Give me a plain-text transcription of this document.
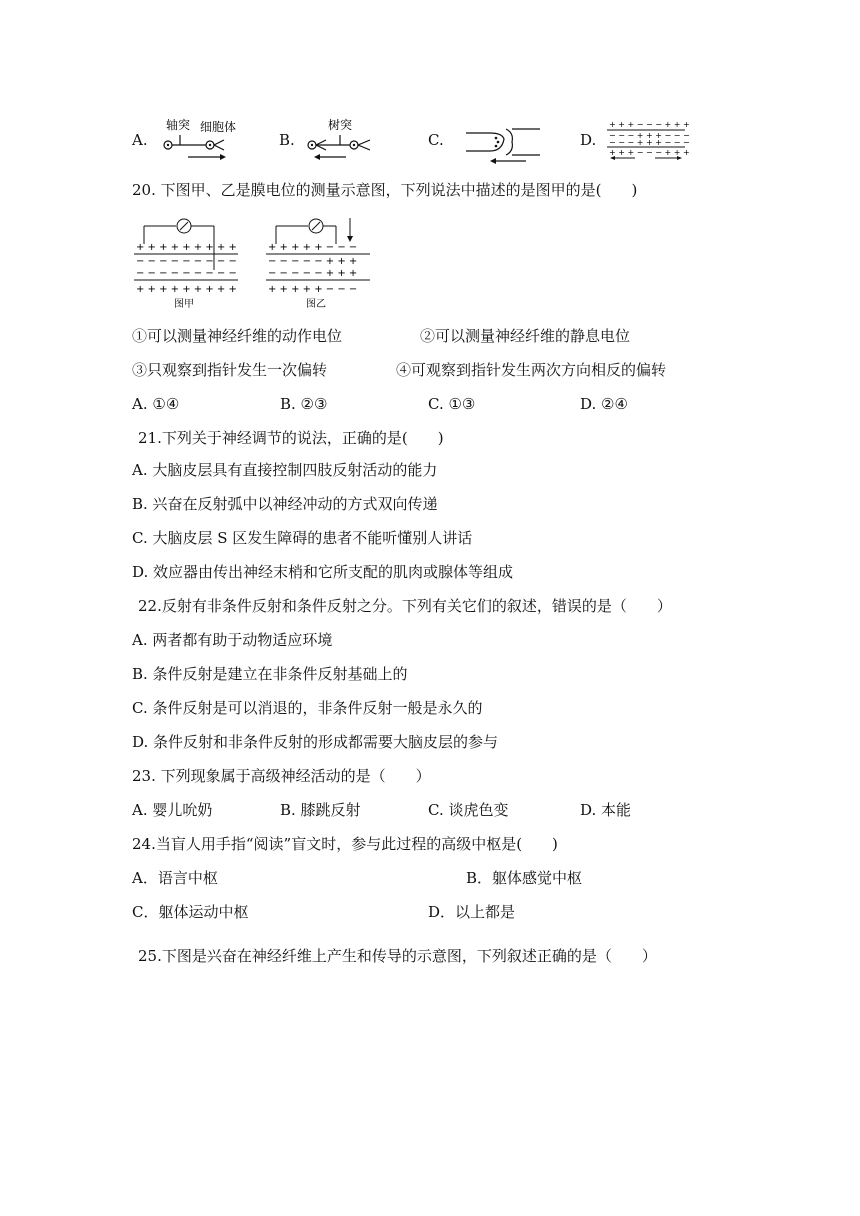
A.
轴突 细胞体
B.
树突
C.	D.
+ + + − − − + + +
− − − + + + − − −
− − − + + + − − −
+ + + − − − + + +
20. 下图甲、乙是膜电位的测量示意图，下列说法中描述的是图甲的是(　　)
+ + + + + + + + +
− − − − − − − − −
− − − − − − − − −
+ + + + + + + + +
图甲
+ + + + + − − −
− − − − − + + +
− − − − − + + +
+ + + + + − − −
图乙
①可以测量神经纤维的动作电位	②可以测量神经纤维的静息电位
③只观察到指针发生一次偏转	④可观察到指针发生两次方向相反的偏转
A. ①④	B. ②③	C. ①③	D. ②④
21.下列关于神经调节的说法，正确的是(　　)
A. 大脑皮层具有直接控制四肢反射活动的能力
B. 兴奋在反射弧中以神经冲动的方式双向传递
C. 大脑皮层 S 区发生障碍的患者不能听懂别人讲话
D. 效应器由传出神经末梢和它所支配的肌肉或腺体等组成
22.反射有非条件反射和条件反射之分。下列有关它们的叙述，错误的是（　　）
A. 两者都有助于动物适应环境
B. 条件反射是建立在非条件反射基础上的
C. 条件反射是可以消退的，非条件反射一般是永久的
D. 条件反射和非条件反射的形成都需要大脑皮层的参与
23. 下列现象属于高级神经活动的是（　　）
A. 婴儿吮奶	B. 膝跳反射	C. 谈虎色变	D. 本能
24.当盲人用手指“阅读”盲文时，参与此过程的高级中枢是(　　)
A．语言中枢	B．躯体感觉中枢
C．躯体运动中枢	D．以上都是
25.下图是兴奋在神经纤维上产生和传导的示意图，下列叙述正确的是（　　）
